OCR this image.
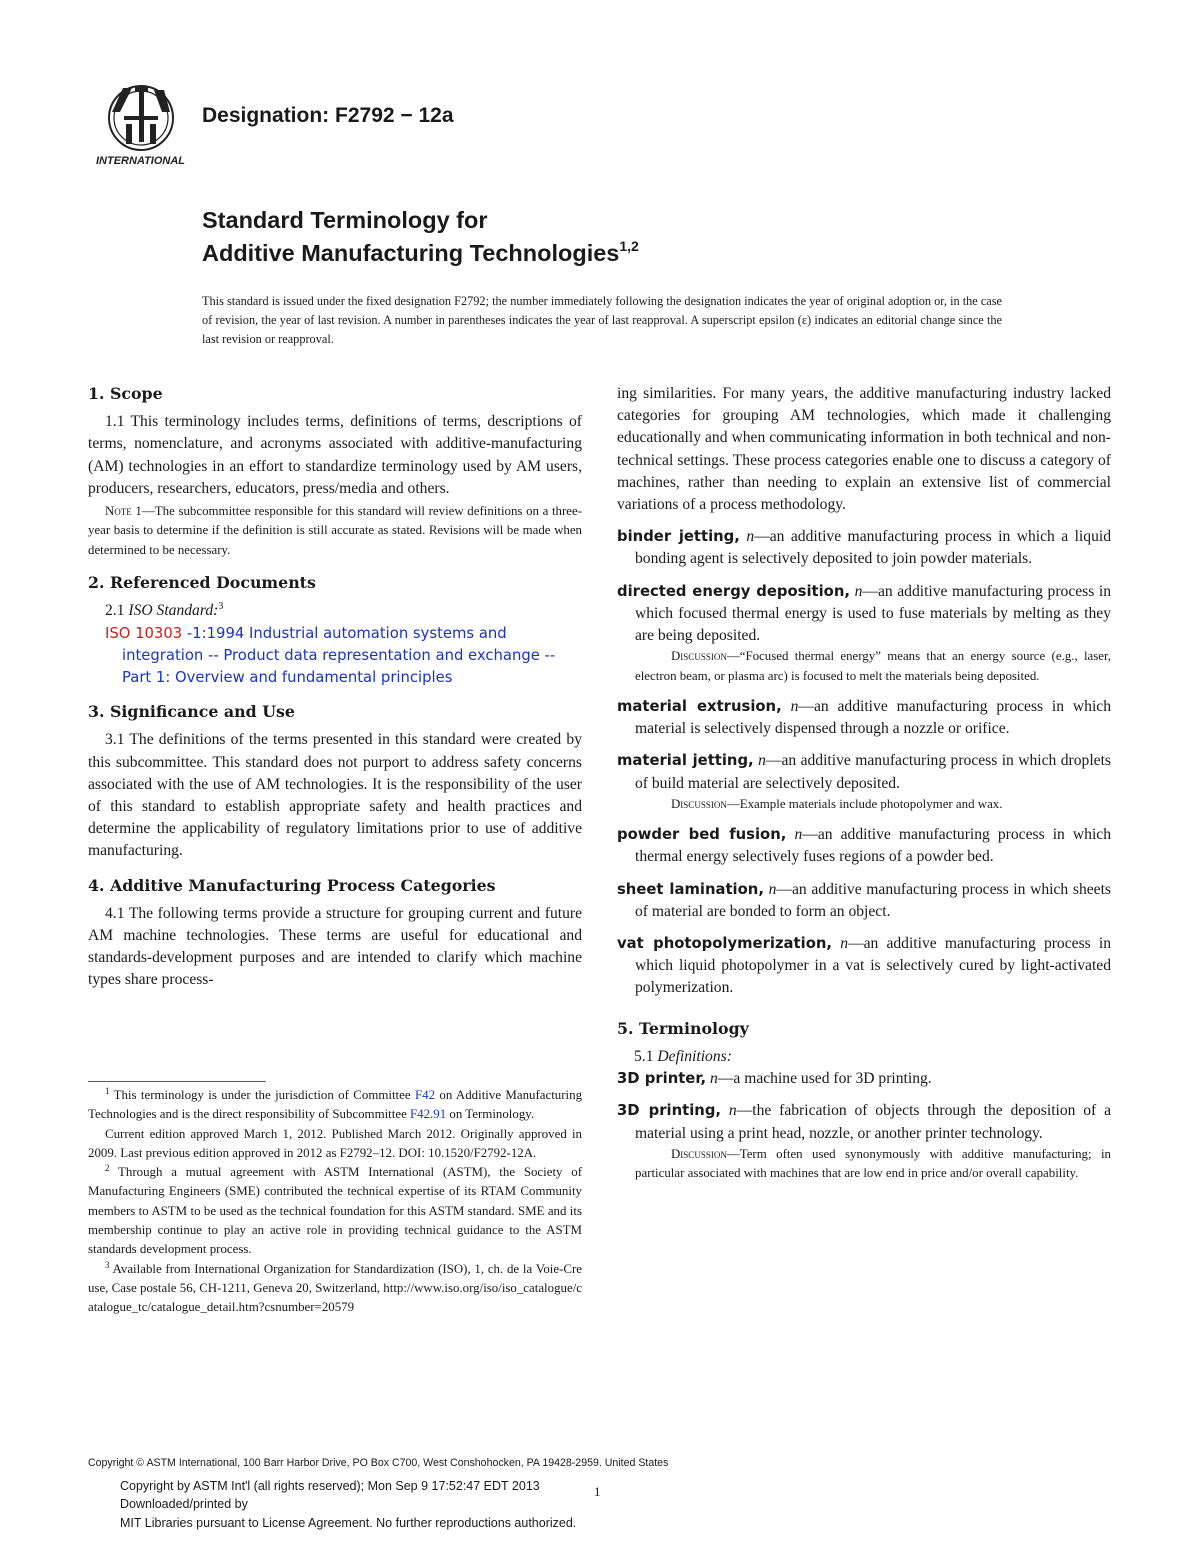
INTERNATIONAL
Designation: F2792 − 12a
Standard Terminology for
Additive Manufacturing Technologies$^{1,2}$
This standard is issued under the fixed designation F2792; the number immediately following the designation indicates the year of original adoption or, in the case of revision, the year of last revision. A number in parentheses indicates the year of last reapproval. A superscript epsilon (ε) indicates an editorial change since the last revision or reapproval.
1. Scope

1.1 This terminology includes terms, definitions of terms, descriptions of terms, nomenclature, and acronyms associated with additive-manufacturing (AM) technologies in an effort to standardize terminology used by AM users, producers, researchers, educators, press/media and others.

Note 1—The subcommittee responsible for this standard will review definitions on a three-year basis to determine if the definition is still accurate as stated. Revisions will be made when determined to be necessary.

2. Referenced Documents

2.1 ISO Standard:$^3$

ISO 10303 -1:1994 Industrial automation systems and integration -- Product data representation and exchange -- Part 1: Overview and fundamental principles

3. Significance and Use

3.1 The definitions of the terms presented in this standard were created by this subcommittee. This standard does not purport to address safety concerns associated with the use of AM technologies. It is the responsibility of the user of this standard to establish appropriate safety and health practices and determine the applicability of regulatory limitations prior to use of additive manufacturing.

4. Additive Manufacturing Process Categories

4.1 The following terms provide a structure for grouping current and future AM machine technologies. These terms are useful for educational and standards-development purposes and are intended to clarify which machine types share process-

$^1$ This terminology is under the jurisdiction of Committee F42 on Additive Manufacturing Technologies and is the direct responsibility of Subcommittee F42.91 on Terminology.

Current edition approved March 1, 2012. Published March 2012. Originally approved in 2009. Last previous edition approved in 2012 as F2792–12. DOI: 10.1520/F2792-12A.

$^2$ Through a mutual agreement with ASTM International (ASTM), the Society of Manufacturing Engineers (SME) contributed the technical expertise of its RTAM Community members to ASTM to be used as the technical foundation for this ASTM standard. SME and its membership continue to play an active role in providing technical guidance to the ASTM standards development process.

$^3$ Available from International Organization for Standardization (ISO), 1, ch. de la Voie-Creuse, Case postale 56, CH-1211, Geneva 20, Switzerland, http://www.iso.org/iso/iso_catalogue/catalogue_tc/catalogue_detail.htm?csnumber=20579

ing similarities. For many years, the additive manufacturing industry lacked categories for grouping AM technologies, which made it challenging educationally and when communicating information in both technical and non-technical settings. These process categories enable one to discuss a category of machines, rather than needing to explain an extensive list of commercial variations of a process methodology.

binder jetting, n—an additive manufacturing process in which a liquid bonding agent is selectively deposited to join powder materials.

directed energy deposition, n—an additive manufacturing process in which focused thermal energy is used to fuse materials by melting as they are being deposited.

Discussion—“Focused thermal energy” means that an energy source (e.g., laser, electron beam, or plasma arc) is focused to melt the materials being deposited.

material extrusion, n—an additive manufacturing process in which material is selectively dispensed through a nozzle or orifice.

material jetting, n—an additive manufacturing process in which droplets of build material are selectively deposited.

Discussion—Example materials include photopolymer and wax.

powder bed fusion, n—an additive manufacturing process in which thermal energy selectively fuses regions of a powder bed.

sheet lamination, n—an additive manufacturing process in which sheets of material are bonded to form an object.

vat photopolymerization, n—an additive manufacturing process in which liquid photopolymer in a vat is selectively cured by light-activated polymerization.

5. Terminology

5.1 Definitions:

3D printer, n—a machine used for 3D printing.

3D printing, n—the fabrication of objects through the deposition of a material using a print head, nozzle, or another printer technology.

Discussion—Term often used synonymously with additive manufacturing; in particular associated with machines that are low end in price and/or overall capability.

Copyright © ASTM International, 100 Barr Harbor Drive, PO Box C700, West Conshohocken, PA 19428-2959. United States
Copyright by ASTM Int'l (all rights reserved); Mon Sep 9 17:52:47 EDT 2013	1
Downloaded/printed by
MIT Libraries pursuant to License Agreement. No further reproductions authorized.
